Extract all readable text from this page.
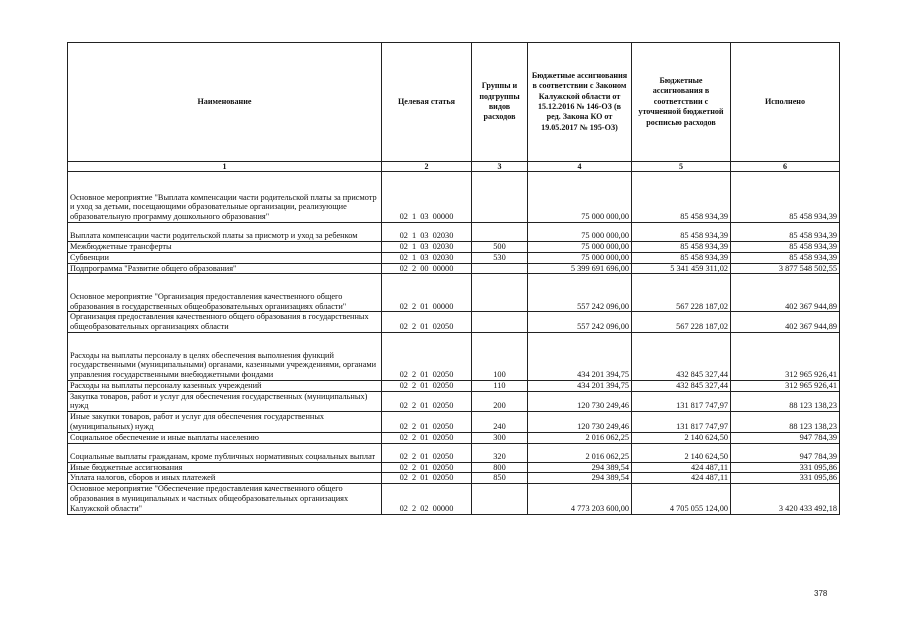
Наименование	Целевая статья	Группы и подгруппы видов расходов	Бюджетные ассигнования в соответствии с Законом Калужской области от 15.12.2016 № 146-ОЗ (в ред. Закона КО от 19.05.2017 № 195-ОЗ)	Бюджетные ассигнования в соответствии с уточненной бюджетной росписью расходов	Исполнено
1	2	3	4	5	6
Основное мероприятие "Выплата компенсации части родительской платы за присмотр и уход за детьми, посещающими образовательные организации, реализующие образовательную программу дошкольного образования"	02 1 03 00000		75 000 000,00	85 458 934,39	85 458 934,39
Выплата компенсации части родительской платы за присмотр и уход за ребенком	02 1 03 02030		75 000 000,00	85 458 934,39	85 458 934,39
Межбюджетные трансферты	02 1 03 02030	500	75 000 000,00	85 458 934,39	85 458 934,39
Субвенции	02 1 03 02030	530	75 000 000,00	85 458 934,39	85 458 934,39
Подпрограмма "Развитие общего образования"	02 2 00 00000		5 399 691 696,00	5 341 459 311,02	3 877 548 502,55
Основное мероприятие "Организация предоставления качественного общего образования в государственных общеобразовательных организациях области"	02 2 01 00000		557 242 096,00	567 228 187,02	402 367 944,89
Организация предоставления качественного общего образования в государственных общеобразовательных организациях области	02 2 01 02050		557 242 096,00	567 228 187,02	402 367 944,89
Расходы на выплаты персоналу в целях обеспечения выполнения функций государственными (муниципальными) органами, казенными учреждениями, органами управления государственными внебюджетными фондами	02 2 01 02050	100	434 201 394,75	432 845 327,44	312 965 926,41
Расходы на выплаты персоналу казенных учреждений	02 2 01 02050	110	434 201 394,75	432 845 327,44	312 965 926,41
Закупка товаров, работ и услуг для обеспечения государственных (муниципальных) нужд	02 2 01 02050	200	120 730 249,46	131 817 747,97	88 123 138,23
Иные закупки товаров, работ и услуг для обеспечения государственных (муниципальных) нужд	02 2 01 02050	240	120 730 249,46	131 817 747,97	88 123 138,23
Социальное обеспечение и иные выплаты населению	02 2 01 02050	300	2 016 062,25	2 140 624,50	947 784,39
Социальные выплаты гражданам, кроме публичных нормативных социальных выплат	02 2 01 02050	320	2 016 062,25	2 140 624,50	947 784,39
Иные бюджетные ассигнования	02 2 01 02050	800	294 389,54	424 487,11	331 095,86
Уплата налогов, сборов и иных платежей	02 2 01 02050	850	294 389,54	424 487,11	331 095,86
Основное мероприятие "Обеспечение предоставления качественного общего образования в муниципальных и частных общеобразовательных организациях Калужской области"	02 2 02 00000		4 773 203 600,00	4 705 055 124,00	3 420 433 492,18
378
